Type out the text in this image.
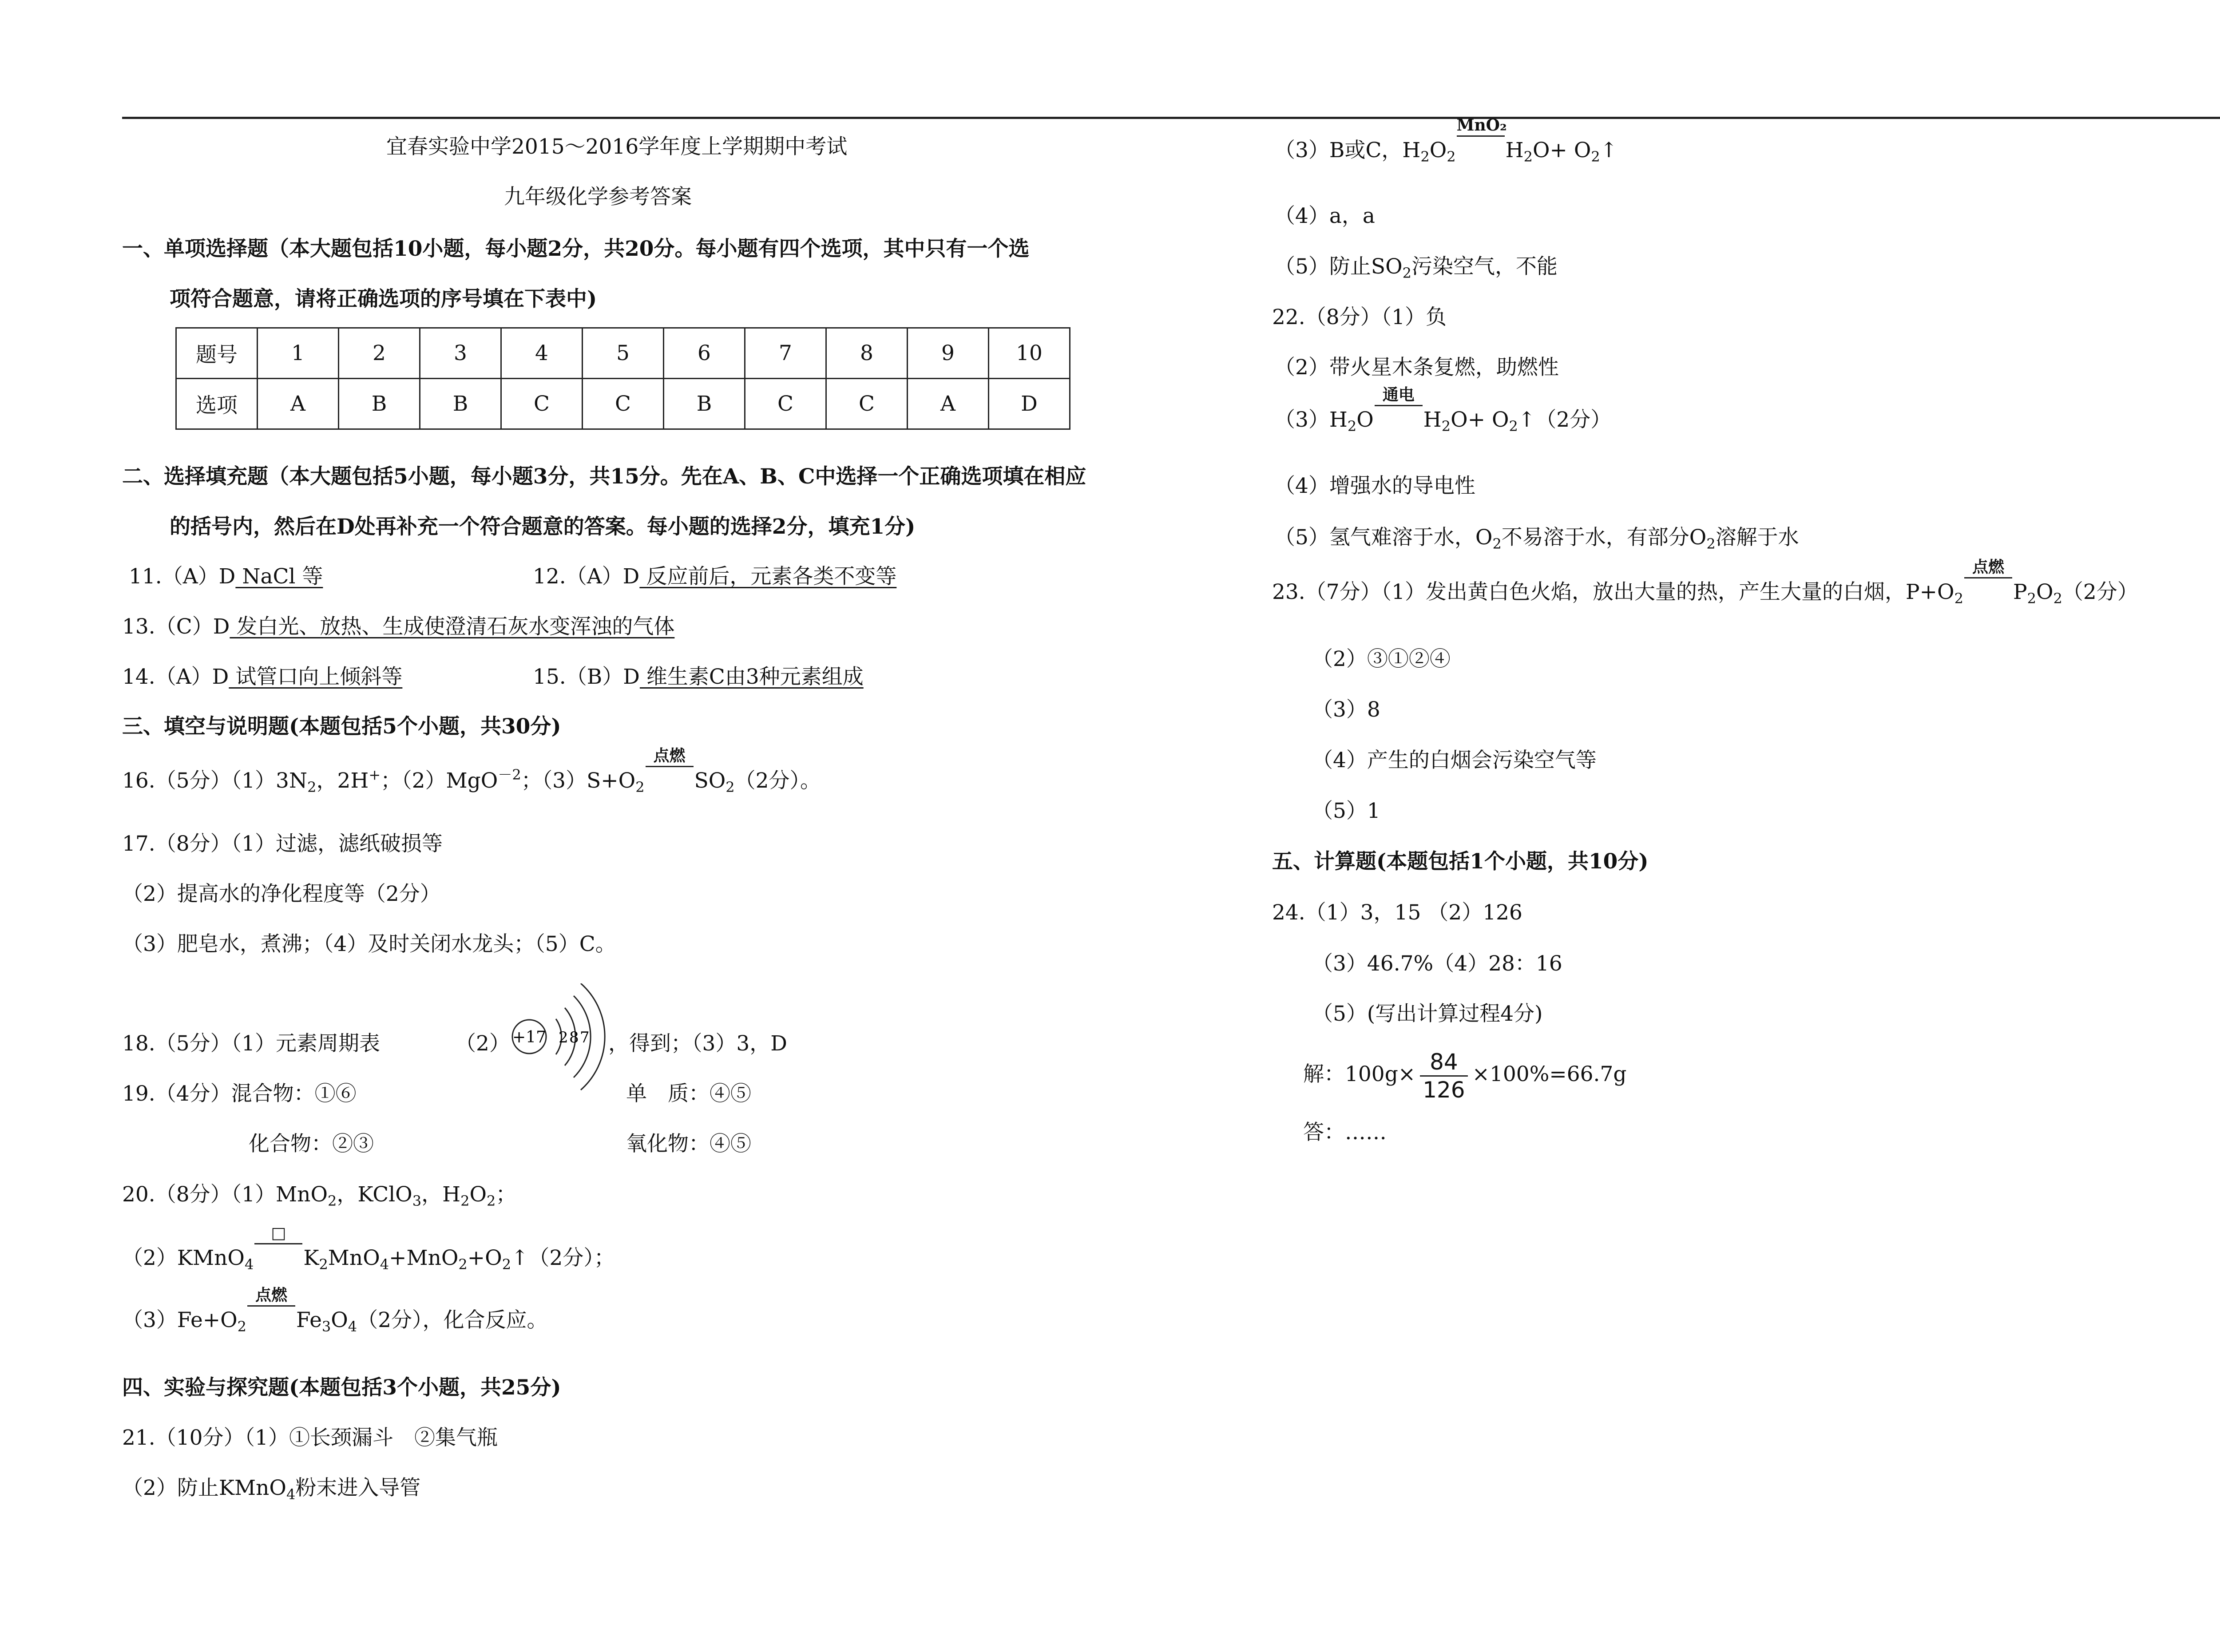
宜春实验中学2015～2016学年度上学期期中考试
九年级化学参考答案
一、单项选择题（本大题包括10小题，每小题2分，共20分。每小题有四个选项，其中只有一个选
项符合题意，请将正确选项的序号填在下表中)
题号	1	2	3	4	5	6	7	8	9	10
选项	A	B	B	C	C	B	C	C	A	D
二、选择填充题（本大题包括5小题，每小题3分，共15分。先在A、B、C中选择一个正确选项填在相应
的括号内，然后在D处再补充一个符合题意的答案。每小题的选择2分，填充1分)
11.（A）D NaCl 等	12.（A）D 反应前后，元素各类不变等
13.（C）D 发白光、放热、生成使澄清石灰水变浑浊的气体
14.（A）D 试管口向上倾斜等	15.（B）D 维生素C由3种元素组成
三、填空与说明题(本题包括5个小题，共30分)
16.（5分）$(1)3N_2$，2H+；（2）MgO$^{-2}$；$(3)S+O_2$
点燃
$SO_2(2$分）。
17.（8分）（1）过滤，滤纸破损等
（2）提高水的净化程度等（2分）
（3）肥皂水，煮沸；（4）及时关闭水龙头；（5）C。
18.（5分）（1）元素周期表	（2） +17 2 8 7 ，得到；（3）3，D
19.（4分）混合物：①⑥	单　质：④⑤
化合物：②③	氧化物：④⑤
20.（8分）（1）MnO$_2$，KClO$_3$，$H_2O_2$；
（2）KMnO$_4$
□
$K_2MnO_4+MnO_2+O_2↑(2$分）；
$(3)Fe+O_2$
点燃
$Fe_3O_4(2$分），化合反应。
四、实验与探究题(本题包括3个小题，共25分)
21.（10分）（1）①长颈漏斗　②集气瓶
（2）防止KMnO$_4$粉末进入导管
（3）B或C，$H_2O_2$
MnO₂
$H_2O+$ $O_2↑$
（4）a，a
（5）防止$SO_2$污染空气，不能
22.（8分）（1）负
（2）带火星木条复燃，助燃性
$(3)H_2O$
通电
$H_2O+$ $O_2↑(2$分）
（4）增强水的导电性
（5）氢气难溶于水，$O_2$不易溶于水，有部分$O_2$溶解于水
23.（7分）（1）发出黄白色火焰，放出大量的热，产生大量的白烟，$P+O_2$
点燃
$P_2O_2(2$分）
（2）③①②④
（3）8
（4）产生的白烟会污染空气等
（5）1
五、计算题(本题包括1个小题，共10分)
24.（1）3，15 （2）126
（3）46.7%（4）28：16
（5）(写出计算过程4分)
解：$100g\times \frac{84}{126} \times 100\%=66.7g$
答：……
